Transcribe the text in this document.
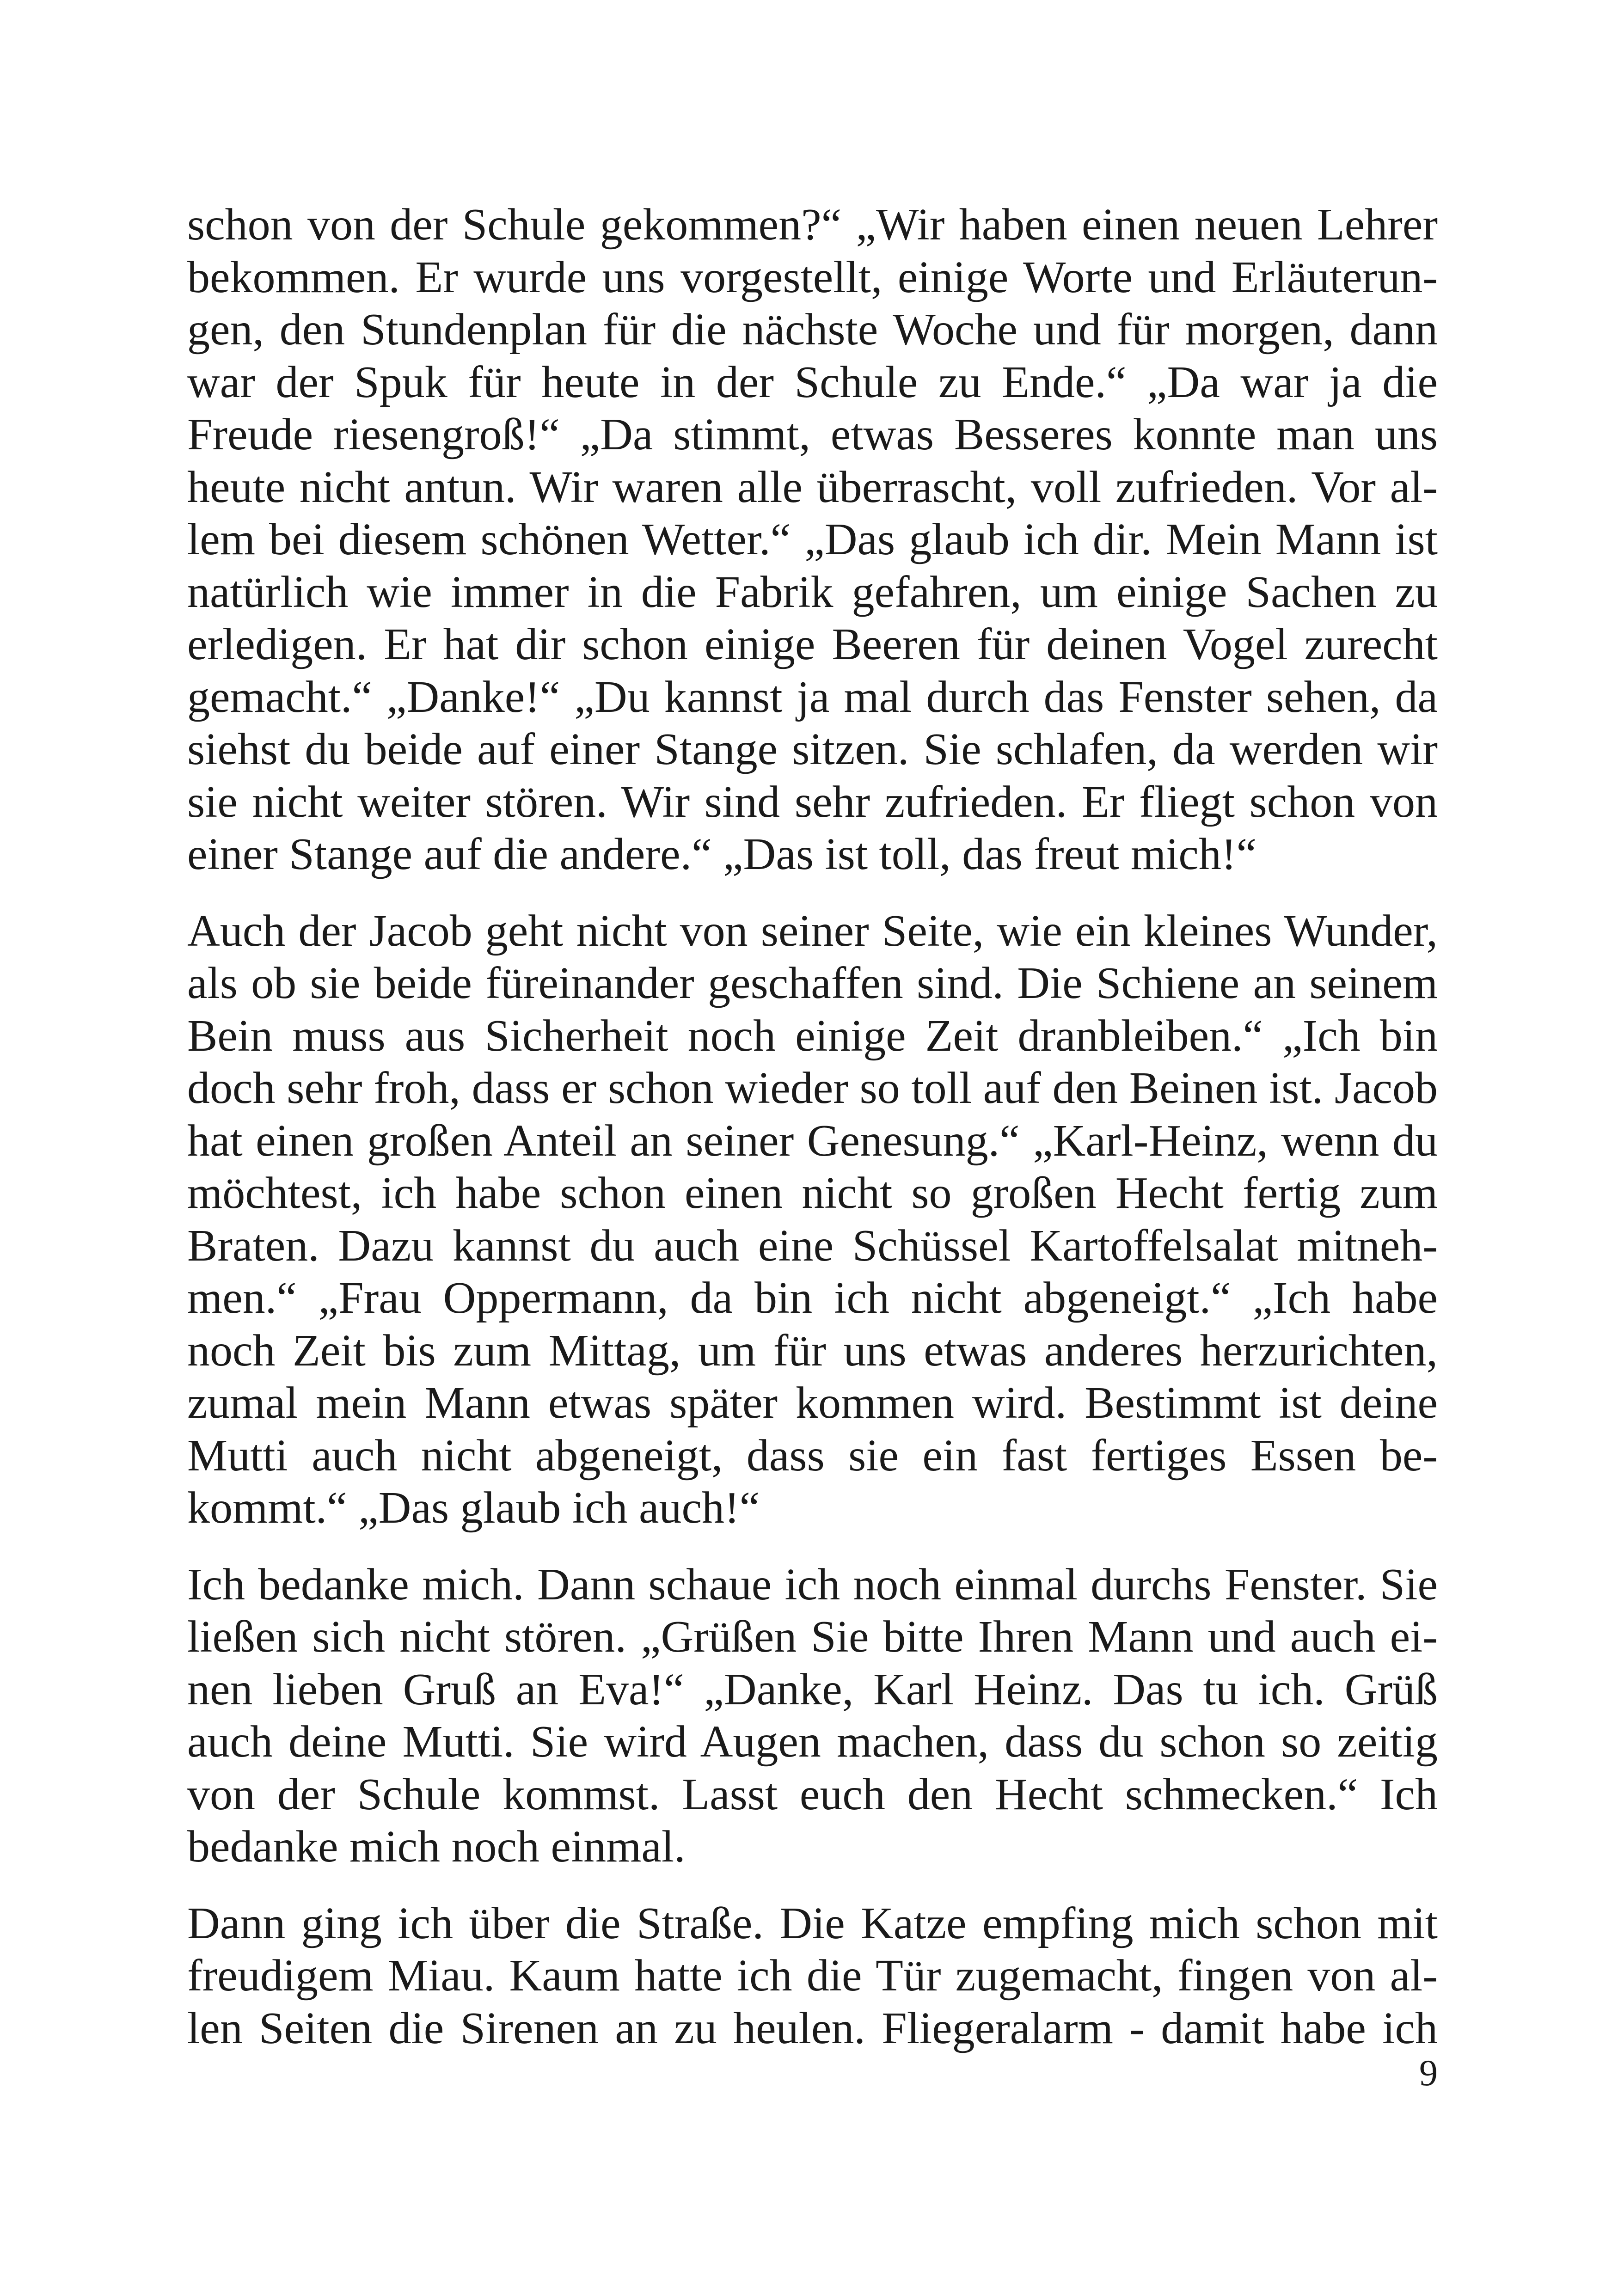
schon von der Schule gekommen?“ „Wir haben einen neuen Lehrer bekommen. Er wurde uns vorgestellt, einige Worte und Erläuterungen, den Stundenplan für die nächste Woche und für morgen, dann war der Spuk für heute in der Schule zu Ende.“ „Da war ja die Freude riesengroß!“ „Da stimmt, etwas Besseres konnte man uns heute nicht antun. Wir waren alle überrascht, voll zufrieden. Vor allem bei diesem schönen Wetter.“ „Das glaub ich dir. Mein Mann ist natürlich wie immer in die Fabrik gefahren, um einige Sachen zu erledigen. Er hat dir schon einige Beeren für deinen Vogel zurecht gemacht.“ „Danke!“ „Du kannst ja mal durch das Fenster sehen, da siehst du beide auf einer Stange sitzen. Sie schlafen, da werden wir sie nicht weiter stören. Wir sind sehr zufrieden. Er fliegt schon von einer Stange auf die andere.“ „Das ist toll, das freut mich!“

Auch der Jacob geht nicht von seiner Seite, wie ein kleines Wunder, als ob sie beide füreinander geschaffen sind. Die Schiene an seinem Bein muss aus Sicherheit noch einige Zeit dranbleiben.“ „Ich bin doch sehr froh, dass er schon wieder so toll auf den Beinen ist. Jacob hat einen großen Anteil an seiner Genesung.“ „Karl-Heinz, wenn du möchtest, ich habe schon einen nicht so großen Hecht fertig zum Braten. Dazu kannst du auch eine Schüssel Kartoffelsalat mitnehmen.“ „Frau Oppermann, da bin ich nicht abgeneigt.“ „Ich habe noch Zeit bis zum Mittag, um für uns etwas anderes herzurichten, zumal mein Mann etwas später kommen wird. Bestimmt ist deine Mutti auch nicht abgeneigt, dass sie ein fast fertiges Essen bekommt.“ „Das glaub ich auch!“

Ich bedanke mich. Dann schaue ich noch einmal durchs Fenster. Sie ließen sich nicht stören. „Grüßen Sie bitte Ihren Mann und auch einen lieben Gruß an Eva!“ „Danke, Karl Heinz. Das tu ich. Grüß auch deine Mutti. Sie wird Augen machen, dass du schon so zeitig von der Schule kommst. Lasst euch den Hecht schmecken.“ Ich bedanke mich noch einmal.

Dann ging ich über die Straße. Die Katze empfing mich schon mit freudigem Miau. Kaum hatte ich die Tür zugemacht, fingen von allen Seiten die Sirenen an zu heulen. Fliegeralarm - damit habe ich

9
